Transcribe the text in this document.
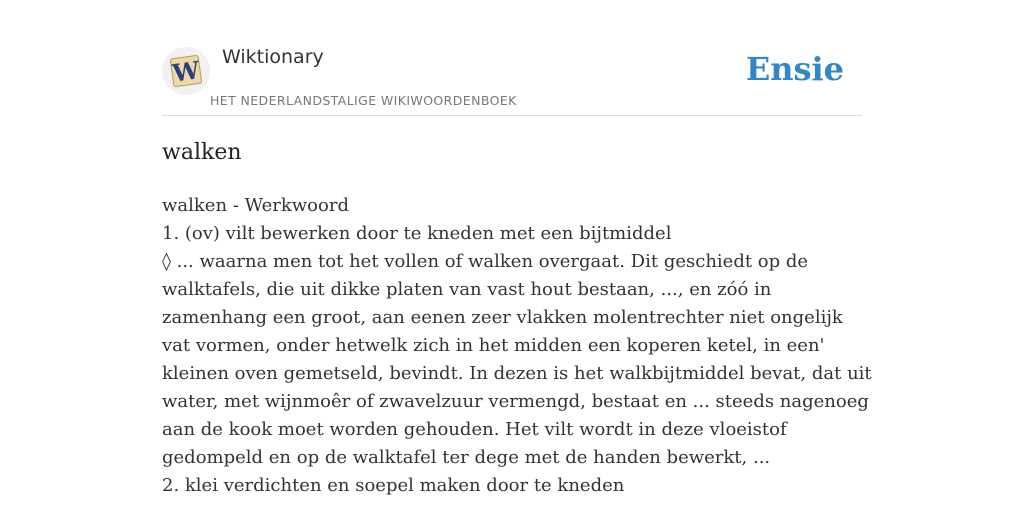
W Wiktionary
HET NEDERLANDSTALIGE WIKIWOORDENBOEK
Ensie
walken

walken - Werkwoord

1. (ov) vilt bewerken door te kneden met een bijtmiddel

◊ ... waarna men tot het vollen of walken overgaat. Dit geschiedt op de walktafels, die uit dikke platen van vast hout bestaan, ..., en zóó in zamenhang een groot, aan eenen zeer vlakken molentrechter niet ongelijk vat vormen, onder hetwelk zich in het midden een koperen ketel, in een' kleinen oven gemetseld, bevindt. In dezen is het walkbijtmiddel bevat, dat uit water, met wijnmoêr of zwavelzuur vermengd, bestaat en ... steeds nagenoeg aan de kook moet worden gehouden. Het vilt wordt in deze vloeistof gedompeld en op de walktafel ter dege met de handen bewerkt, ...

2. klei verdichten en soepel maken door te kneden
